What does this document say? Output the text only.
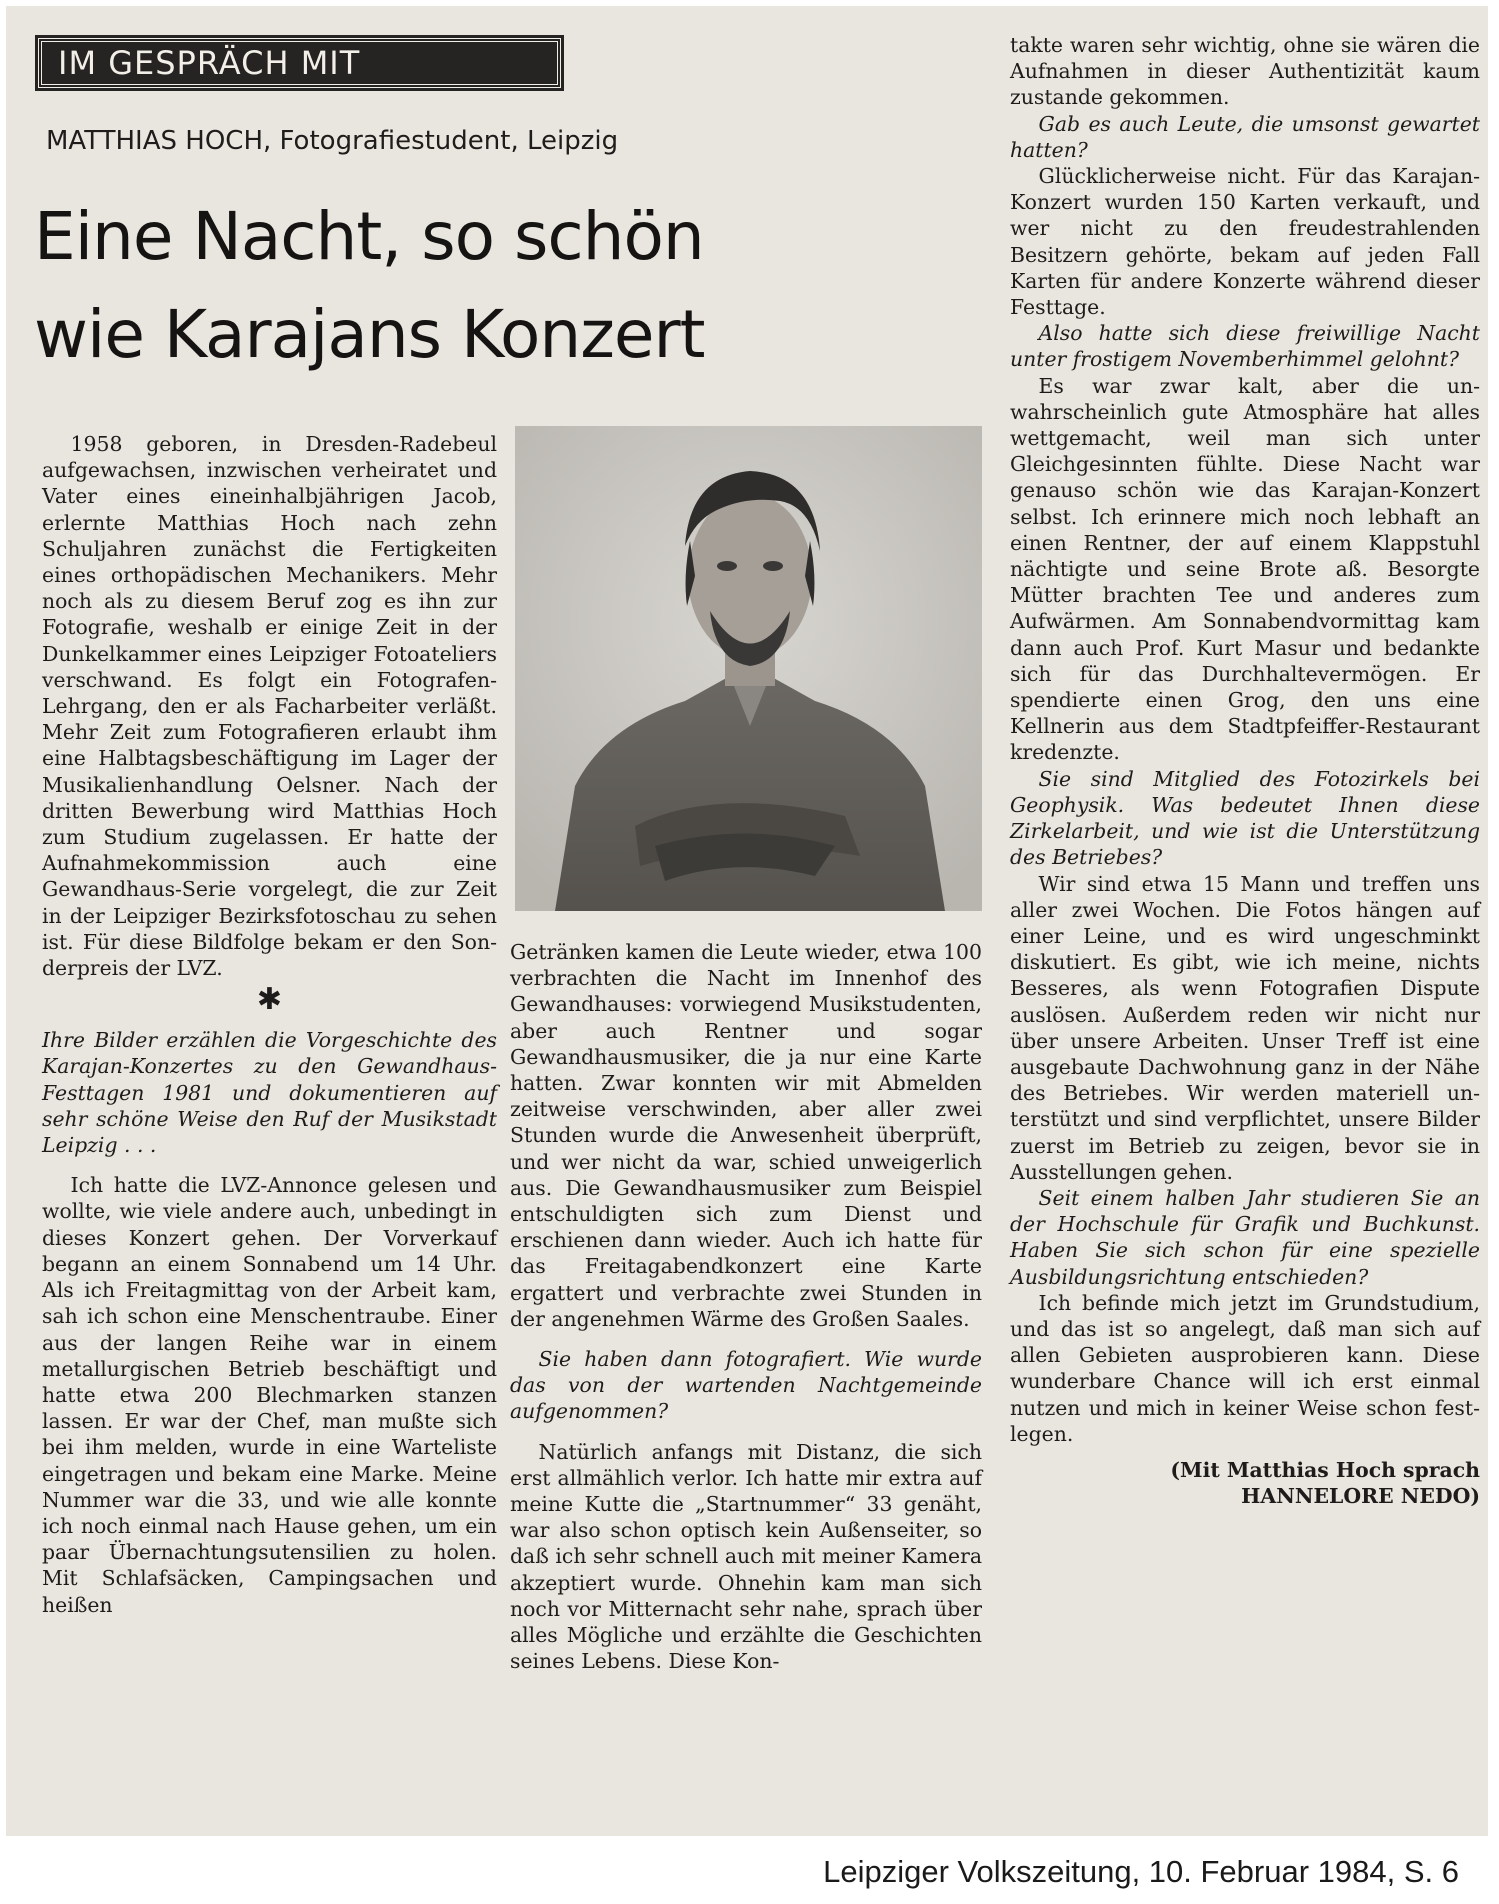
IM GESPRÄCH MIT
MATTHIAS HOCH, Fotografiestudent, Leipzig
Eine Nacht, so schön
wie Karajans Konzert

1958 geboren, in Dresden-Radebeul aufgewachsen, inzwischen verheiratet und Vater eines eineinhalbjährigen Jacob, erlernte Matthias Hoch nach zehn Schuljahren zunächst die Fertigkeiten eines orthopädischen Mechanikers. Mehr noch als zu diesem Beruf zog es ihn zur Fotografie, weshalb er einige Zeit in der Dunkelkammer eines Leipziger Fotoateliers verschwand. Es folgt ein Fotografen-Lehrgang, den er als Facharbeiter verläßt. Mehr Zeit zum Fotografieren erlaubt ihm eine Halbtagsbeschäftigung im Lager der Musikalienhandlung Oelsner. Nach der dritten Bewerbung wird Matthias Hoch zum Studium zugelassen. Er hatte der Aufnahmekommission auch eine Gewandhaus-Serie vorgelegt, die zur Zeit in der Leipziger Bezirksfotoschau zu sehen ist. Für diese Bildfolge bekam er den Sonderpreis der LVZ.

✱

Ihre Bilder erzählen die Vorgeschichte des Karajan-Konzertes zu den Gewandhaus-Festtagen 1981 und dokumentieren auf sehr schöne Weise den Ruf der Musikstadt Leipzig . . .

Ich hatte die LVZ-Annonce gelesen und wollte, wie viele andere auch, unbedingt in dieses Konzert gehen. Der Vorverkauf begann an einem Sonnabend um 14 Uhr. Als ich Freitagmittag von der Arbeit kam, sah ich schon eine Menschentraube. Einer aus der langen Reihe war in einem metallurgischen Betrieb beschäftigt und hatte etwa 200 Blechmarken stanzen lassen. Er war der Chef, man mußte sich bei ihm melden, wurde in eine Warteliste eingetragen und bekam eine Marke. Meine Nummer war die 33, und wie alle konnte ich noch einmal nach Hause gehen, um ein paar Übernachtungsutensilien zu holen. Mit Schlafsäcken, Campingsachen und heißen

Getränken kamen die Leute wieder, etwa 100 verbrachten die Nacht im Innenhof des Gewandhauses: vorwiegend Musikstudenten, aber auch Rentner und sogar Gewandhausmusiker, die ja nur eine Karte hatten. Zwar konnten wir mit Abmelden zeitweise verschwinden, aber aller zwei Stunden wurde die Anwesenheit überprüft, und wer nicht da war, schied unweigerlich aus. Die Gewandhausmusiker zum Beispiel entschuldigten sich zum Dienst und erschienen dann wieder. Auch ich hatte für das Freitagabendkonzert eine Karte ergattert und verbrachte zwei Stunden in der angenehmen Wärme des Großen Saales.

Sie haben dann fotografiert. Wie wurde das von der wartenden Nachtgemeinde aufgenommen?

Natürlich anfangs mit Distanz, die sich erst allmählich verlor. Ich hatte mir extra auf meine Kutte die „Startnummer“ 33 genäht, war also schon optisch kein Außenseiter, so daß ich sehr schnell auch mit meiner Kamera akzeptiert wurde. Ohnehin kam man sich noch vor Mitternacht sehr nahe, sprach über alles Mögliche und erzählte die Geschichten seines Lebens. Diese Kon-

takte waren sehr wichtig, ohne sie wären die Aufnahmen in dieser Authentizität kaum zustande gekommen.

Gab es auch Leute, die umsonst gewartet hatten?

Glücklicherweise nicht. Für das Karajan-Konzert wurden 150 Karten verkauft, und wer nicht zu den freudestrahlenden Besitzern gehörte, bekam auf jeden Fall Karten für andere Konzerte während dieser Festtage.

Also hatte sich diese freiwillige Nacht unter frostigem Novemberhimmel gelohnt?

Es war zwar kalt, aber die unwahrscheinlich gute Atmosphäre hat alles wettgemacht, weil man sich unter Gleichgesinnten fühlte. Diese Nacht war genauso schön wie das Karajan-Konzert selbst. Ich erinnere mich noch lebhaft an einen Rentner, der auf einem Klappstuhl nächtigte und seine Brote aß. Besorgte Mütter brachten Tee und anderes zum Aufwärmen. Am Sonnabendvormittag kam dann auch Prof. Kurt Masur und bedankte sich für das Durchhaltevermögen. Er spendierte einen Grog, den uns eine Kellnerin aus dem Stadtpfeiffer-Restaurant kredenzte.

Sie sind Mitglied des Fotozirkels bei Geophysik. Was bedeutet Ihnen diese Zirkelarbeit, und wie ist die Unterstützung des Betriebes?

Wir sind etwa 15 Mann und treffen uns aller zwei Wochen. Die Fotos hängen auf einer Leine, und es wird ungeschminkt diskutiert. Es gibt, wie ich meine, nichts Besseres, als wenn Fotografien Dispute auslösen. Außerdem reden wir nicht nur über unsere Arbeiten. Unser Treff ist eine ausgebaute Dachwohnung ganz in der Nähe des Betriebes. Wir werden materiell unterstützt und sind verpflichtet, unsere Bilder zuerst im Betrieb zu zeigen, bevor sie in Ausstellungen gehen.

Seit einem halben Jahr studieren Sie an der Hochschule für Grafik und Buchkunst. Haben Sie sich schon für eine spezielle Ausbildungsrichtung entschieden?

Ich befinde mich jetzt im Grundstudium, und das ist so angelegt, daß man sich auf allen Gebieten ausprobieren kann. Diese wunderbare Chance will ich erst einmal nutzen und mich in keiner Weise schon festlegen.

(Mit Matthias Hoch sprach
HANNELORE NEDO)
Leipziger Volkszeitung, 10. Februar 1984, S. 6
